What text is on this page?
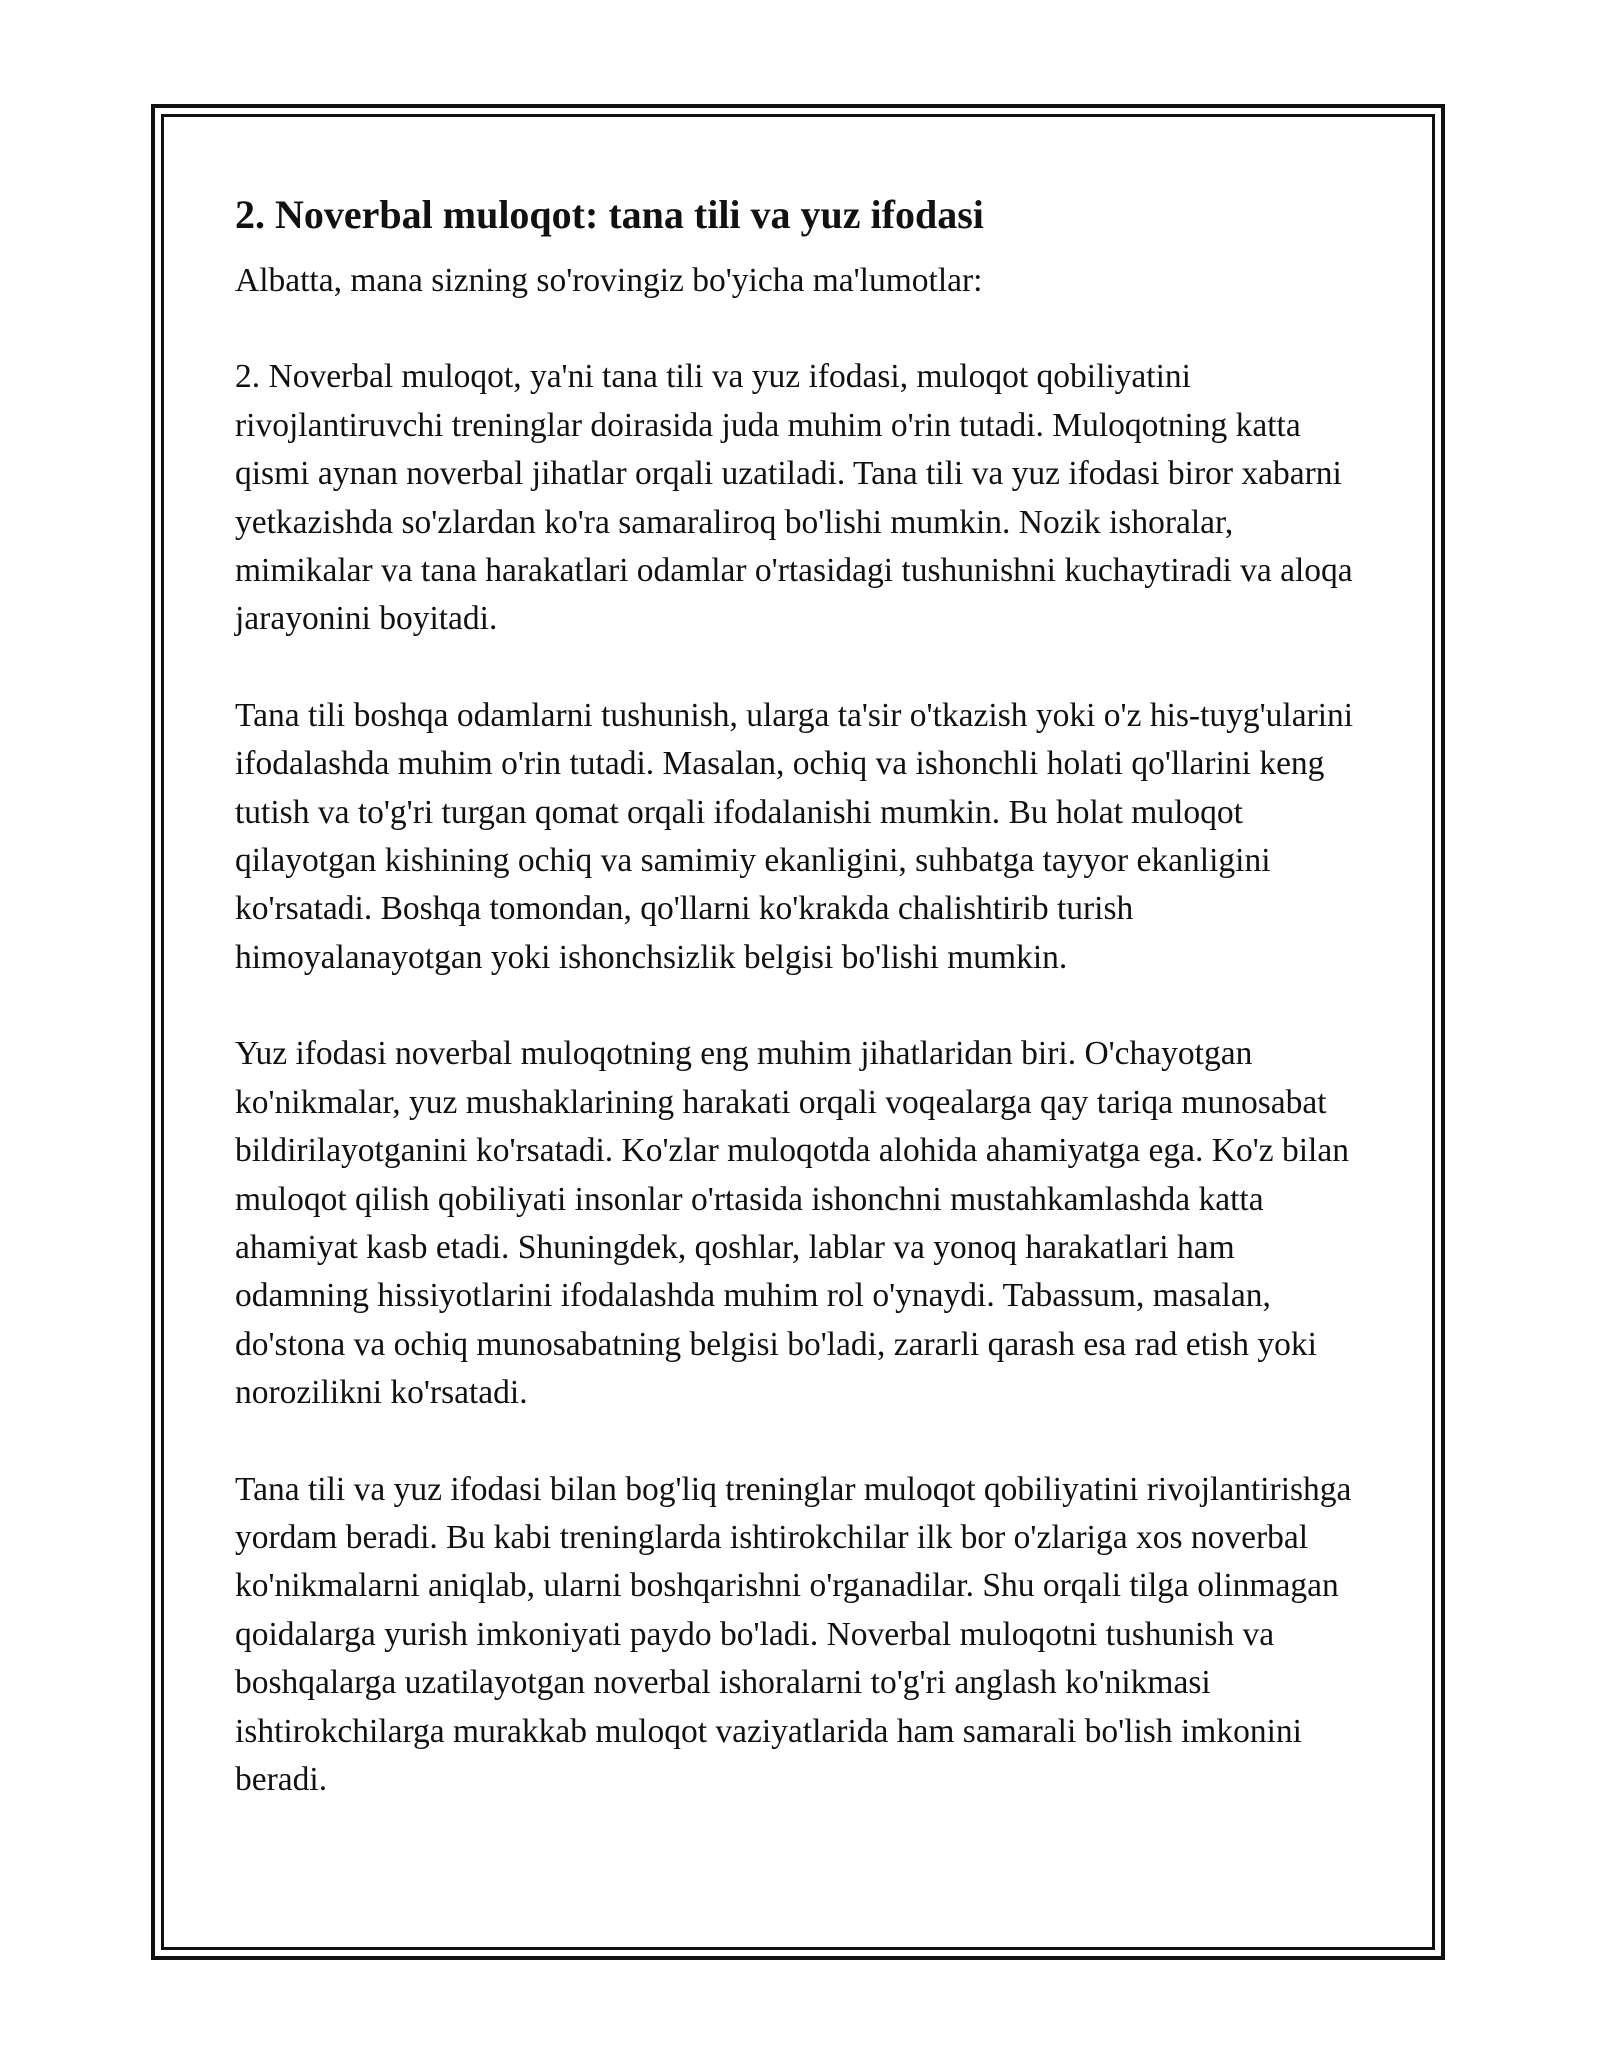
2. Noverbal muloqot: tana tili va yuz ifodasi

Albatta, mana sizning so'rovingiz bo'yicha ma'lumotlar:

2. Noverbal muloqot, ya'ni tana tili va yuz ifodasi, muloqot qobiliyatini rivojlantiruvchi treninglar doirasida juda muhim o'rin tutadi. Muloqotning katta qismi aynan noverbal jihatlar orqali uzatiladi. Tana tili va yuz ifodasi biror xabarni yetkazishda so'zlardan ko'ra samaraliroq bo'lishi mumkin. Nozik ishoralar, mimikalar va tana harakatlari odamlar o'rtasidagi tushunishni kuchaytiradi va aloqa jarayonini boyitadi.

Tana tili boshqa odamlarni tushunish, ularga ta'sir o'tkazish yoki o'z his-tuyg'ularini ifodalashda muhim o'rin tutadi. Masalan, ochiq va ishonchli holati qo'llarini keng tutish va to'g'ri turgan qomat orqali ifodalanishi mumkin. Bu holat muloqot qilayotgan kishining ochiq va samimiy ekanligini, suhbatga tayyor ekanligini ko'rsatadi. Boshqa tomondan, qo'llarni ko'krakda chalishtirib turish himoyalanayotgan yoki ishonchsizlik belgisi bo'lishi mumkin.

Yuz ifodasi noverbal muloqotning eng muhim jihatlaridan biri. O'chayotgan ko'nikmalar, yuz mushaklarining harakati orqali voqealarga qay tariqa munosabat bildirilayotganini ko'rsatadi. Ko'zlar muloqotda alohida ahamiyatga ega. Ko'z bilan muloqot qilish qobiliyati insonlar o'rtasida ishonchni mustahkamlashda katta ahamiyat kasb etadi. Shuningdek, qoshlar, lablar va yonoq harakatlari ham odamning hissiyotlarini ifodalashda muhim rol o'ynaydi. Tabassum, masalan, do'stona va ochiq munosabatning belgisi bo'ladi, zararli qarash esa rad etish yoki norozilikni ko'rsatadi.

Tana tili va yuz ifodasi bilan bog'liq treninglar muloqot qobiliyatini rivojlantirishga yordam beradi. Bu kabi treninglarda ishtirokchilar ilk bor o'zlariga xos noverbal ko'nikmalarni aniqlab, ularni boshqarishni o'rganadilar. Shu orqali tilga olinmagan qoidalarga yurish imkoniyati paydo bo'ladi. Noverbal muloqotni tushunish va boshqalarga uzatilayotgan noverbal ishoralarni to'g'ri anglash ko'nikmasi ishtirokchilarga murakkab muloqot vaziyatlarida ham samarali bo'lish imkonini beradi.
